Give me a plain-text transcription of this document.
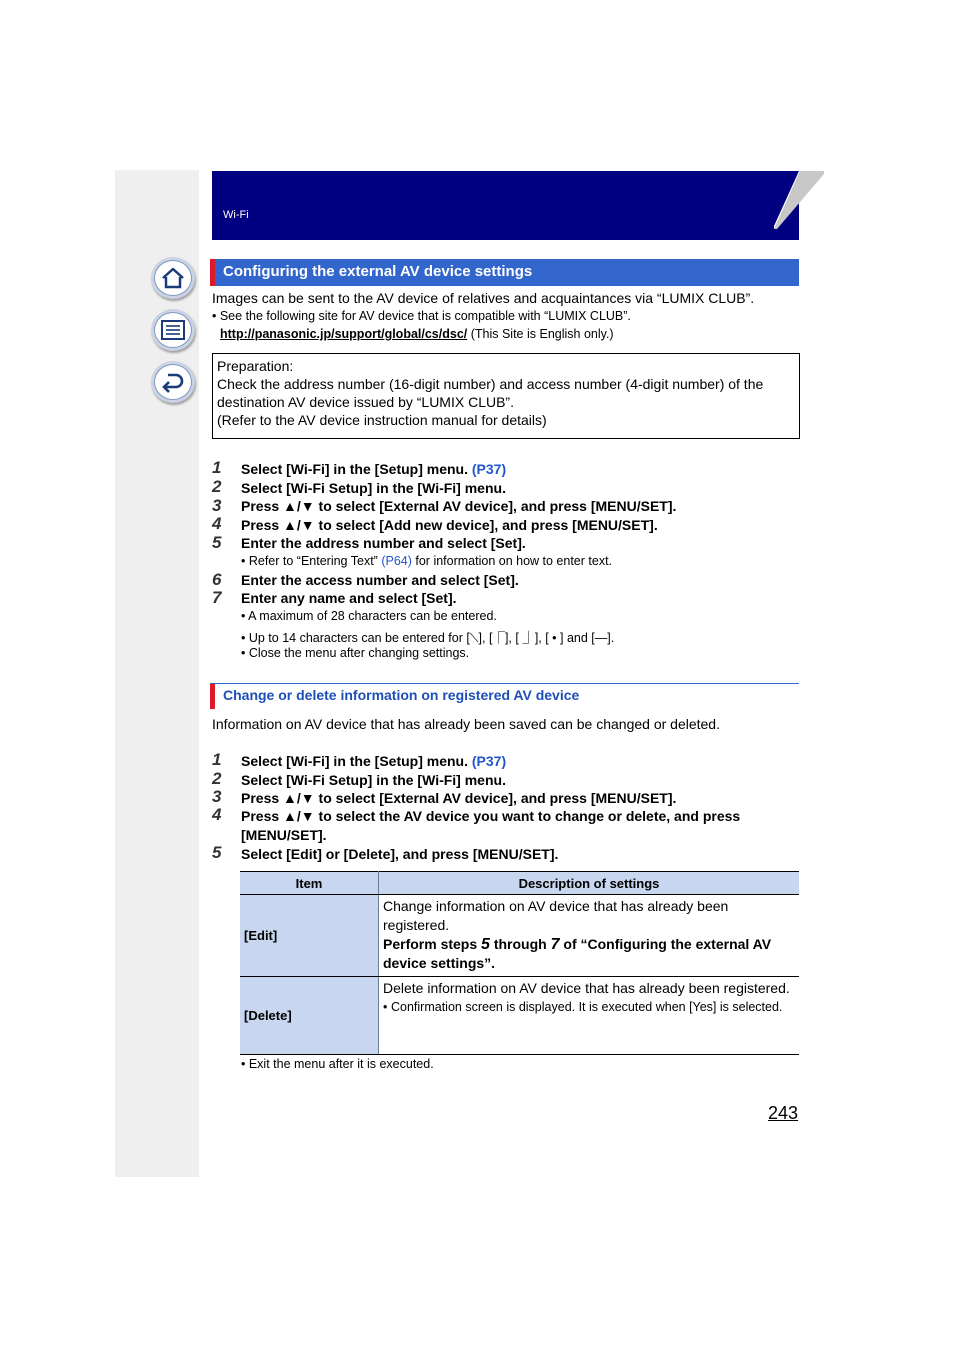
Wi-Fi
Configuring the external AV device settings
Images can be sent to the AV device of relatives and acquaintances via “LUMIX CLUB”.
• See the following site for AV device that is compatible with “LUMIX CLUB”.
http://panasonic.jp/support/global/cs/dsc/ (This Site is English only.)
Preparation:
Check the address number (16-digit number) and access number (4-digit number) of the
destination AV device issued by “LUMIX CLUB”.
(Refer to the AV device instruction manual for details)
1 Select [Wi-Fi] in the [Setup] menu. (P37)
2 Select [Wi-Fi Setup] in the [Wi-Fi] menu.
3 Press ▲/▼ to select [External AV device], and press [MENU/SET].
4 Press ▲/▼ to select [Add new device], and press [MENU/SET].
5 Enter the address number and select [Set].
• Refer to “Entering Text” (P64) for information on how to enter text.
6 Enter the access number and select [Set].
7 Enter any name and select [Set].
• A maximum of 28 characters can be entered.
• Up to 14 characters can be entered for [⟍], [⎾], [ ⏌], [ • ] and [—].
• Close the menu after changing settings.
Change or delete information on registered AV device
Information on AV device that has already been saved can be changed or deleted.
1 Select [Wi-Fi] in the [Setup] menu. (P37)
2 Select [Wi-Fi Setup] in the [Wi-Fi] menu.
3 Press ▲/▼ to select [External AV device], and press [MENU/SET].
4 Press ▲/▼ to select the AV device you want to change or delete, and press
[MENU/SET].
5 Select [Edit] or [Delete], and press [MENU/SET].
Item	Description of settings
[Edit]	Change information on AV device that has already been registered.
Perform steps 5 through 7 of “Configuring the external AV device settings”.

[Delete]	Delete information on AV device that has already been registered.
• Confirmation screen is displayed. It is executed when [Yes] is selected.
• Exit the menu after it is executed.
243
